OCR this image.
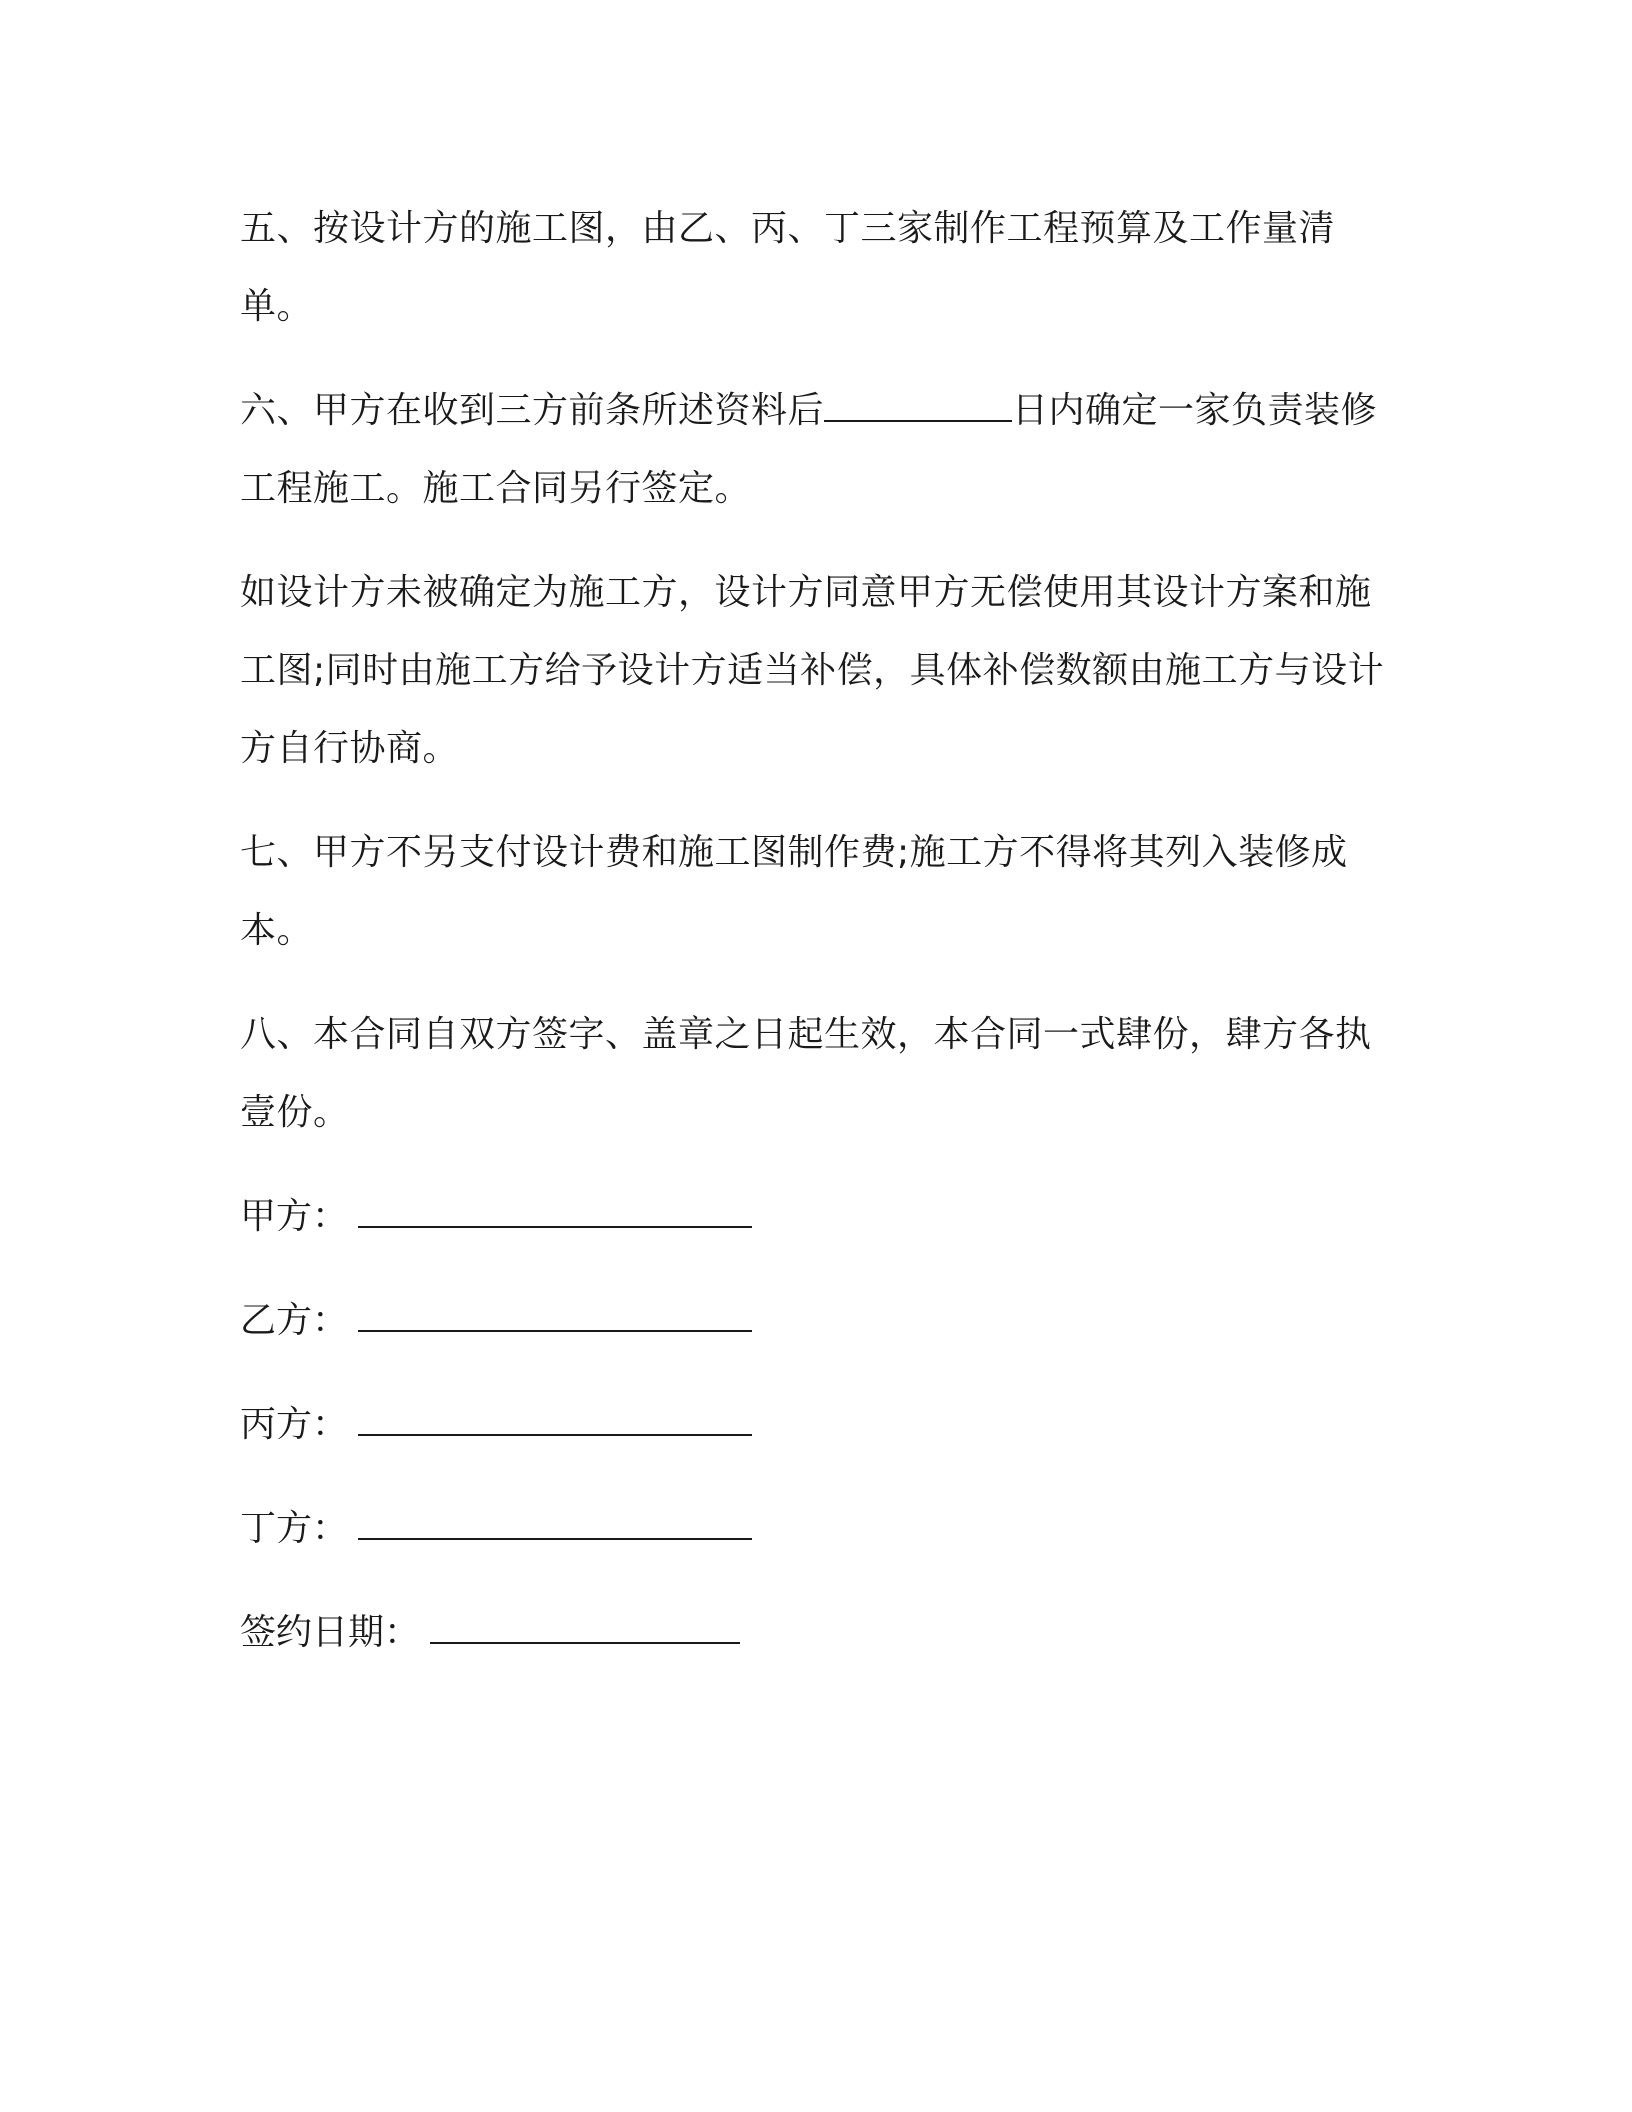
五、按设计方的施工图，由乙、丙、丁三家制作工程预算及工作量清单。

六、甲方在收到三方前条所述资料后	日内确定一家负责装修工程施工。施工合同另行签定。

如设计方未被确定为施工方，设计方同意甲方无偿使用其设计方案和施工图;同时由施工方给予设计方适当补偿，具体补偿数额由施工方与设计方自行协商。

七、甲方不另支付设计费和施工图制作费;施工方不得将其列入装修成本。

八、本合同自双方签字、盖章之日起生效，本合同一式肆份，肆方各执壹份。

甲方：

乙方：

丙方：

丁方：

签约日期：
